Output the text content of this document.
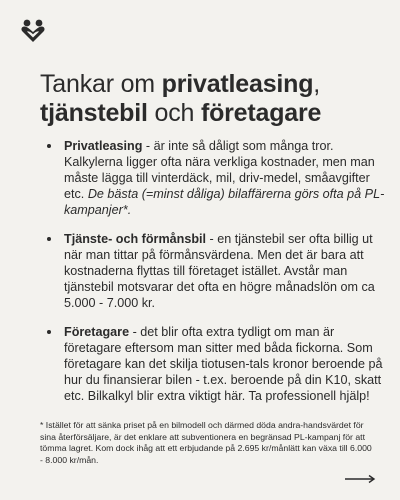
Tankar om privatleasing,
tjänstebil och företagare
• Privatleasing - är inte så dåligt som många tror. Kalkylerna ligger ofta nära verkliga kostnader, men man måste lägga till vinterdäck, mil, driv-medel, småavgifter etc. De bästa (=minst dåliga) bilaffärerna görs ofta på PL-kampanjer*.
• Tjänste- och förmånsbil - en tjänstebil ser ofta billig ut när man tittar på förmånsvärdena. Men det är bara att kostnaderna flyttas till företaget istället. Avstår man tjänstebil motsvarar det ofta en högre månadslön om ca 5.000 - 7.000 kr.
• Företagare - det blir ofta extra tydligt om man är företagare eftersom man sitter med båda fickorna. Som företagare kan det skilja tiotusen-tals kronor beroende på hur du finansierar bilen - t.ex. beroende på din K10, skatt etc. Bilkalkyl blir extra viktigt här. Ta professionell hjälp!

* Istället för att sänka priset på en bilmodell och därmed döda andra-handsvärdet för sina återförsäljare, är det enklare att subventionera en begränsad PL-kampanj för att tömma lagret. Kom dock ihåg att ett erbjudande på 2.695 kr/månlätt kan växa till 6.000 - 8.000 kr/mån.
